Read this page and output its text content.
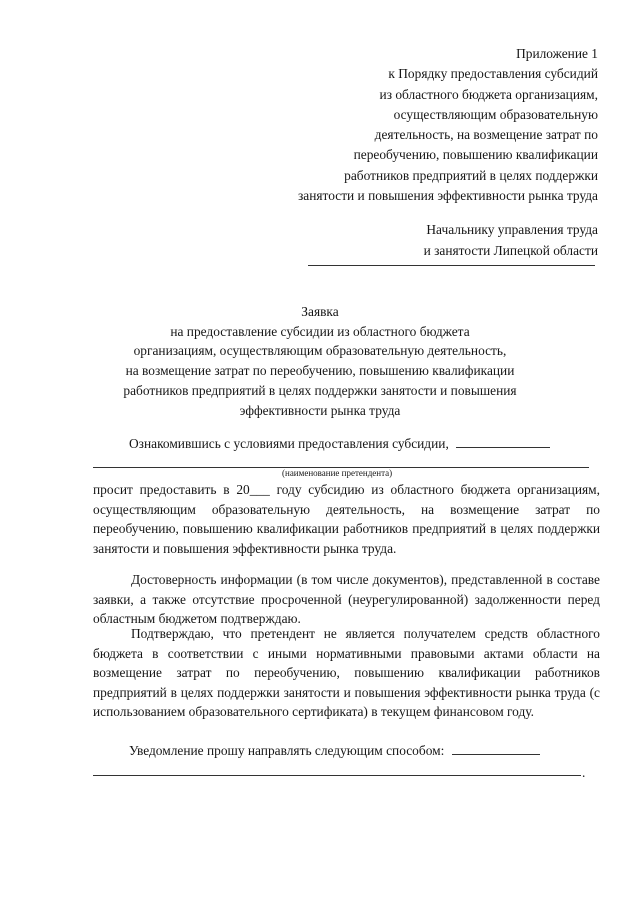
Приложение 1
к Порядку предоставления субсидий
из областного бюджета организациям,
осуществляющим образовательную
деятельность, на возмещение затрат по
переобучению, повышению квалификации
работников предприятий в целях поддержки
занятости и повышения эффективности рынка труда
Начальнику управления труда
и занятости Липецкой области
Заявка
на предоставление субсидии из областного бюджета
организациям, осуществляющим образовательную деятельность,
на возмещение затрат по переобучению, повышению квалификации
работников предприятий в целях поддержки занятости и повышения
эффективности рынка труда
Ознакомившись с условиями предоставления субсидии,
(наименование претендента)
просит предоставить в 20___ году субсидию из областного бюджета организациям, осуществляющим образовательную деятельность, на возмещение затрат по переобучению, повышению квалификации работников предприятий в целях поддержки занятости и повышения эффективности рынка труда.
Достоверность информации (в том числе документов), представленной в составе заявки, а также отсутствие просроченной (неурегулированной) задолженности перед областным бюджетом подтверждаю.
Подтверждаю, что претендент не является получателем средств областного бюджета в соответствии с иными нормативными правовыми актами области на возмещение затрат по переобучению, повышению квалификации работников предприятий в целях поддержки занятости и повышения эффективности рынка труда (с использованием образовательного сертификата) в текущем финансовом году.
Уведомление прошу направлять следующим способом:
.
